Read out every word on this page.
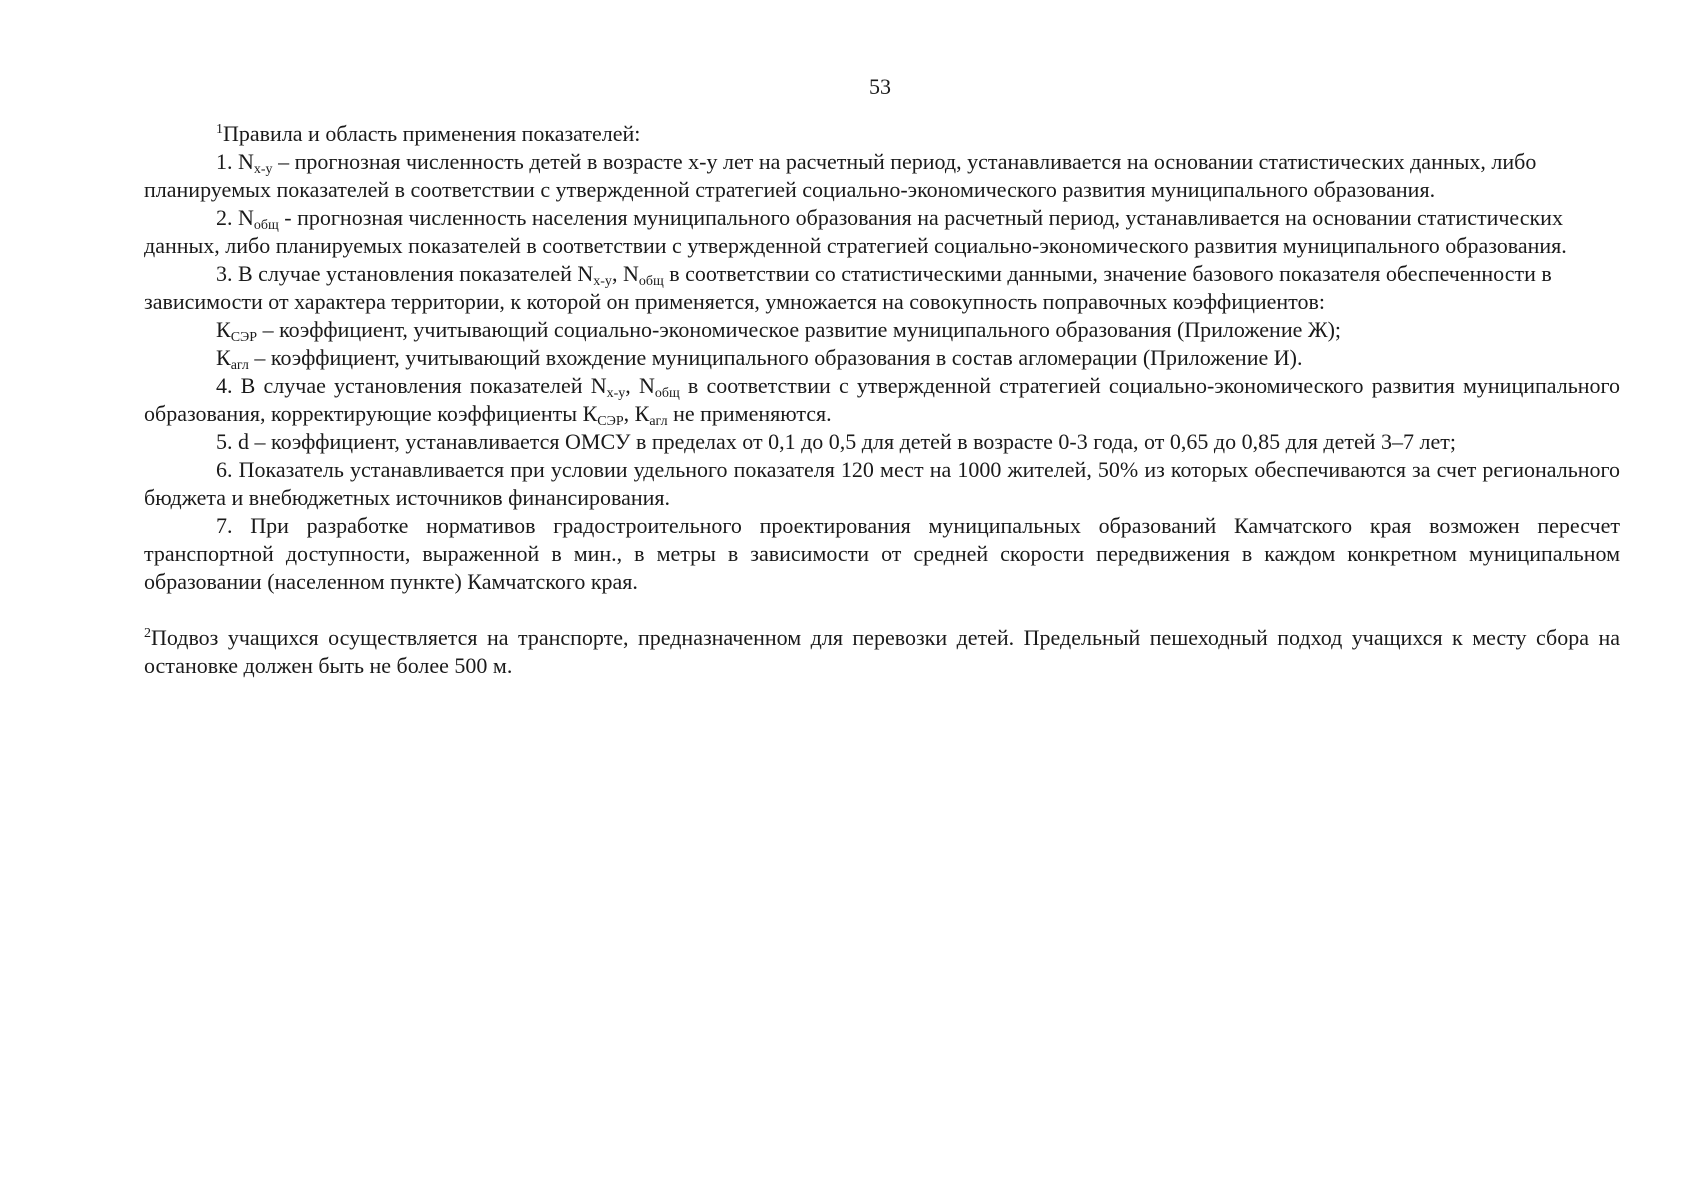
53

$^1$Правила и область применения показателей:

1. $N_{x-y}$ – прогнозная численность детей в возрасте x-y лет на расчетный период, устанавливается на основании статистических данных, либо планируемых показателей в соответствии с утвержденной стратегией социально-экономического развития муниципального образования.

2. $N_{общ}$ - прогнозная численность населения муниципального образования на расчетный период, устанавливается на основании статистических данных, либо планируемых показателей в соответствии с утвержденной стратегией социально-экономического развития муниципального образования.

3. В случае установления показателей $N_{x-y}$, $N_{общ}$ в соответствии со статистическими данными, значение базового показателя обеспеченности в зависимости от характера территории, к которой он применяется, умножается на совокупность поправочных коэффициентов:

$К_{СЭР}$ – коэффициент, учитывающий социально-экономическое развитие муниципального образования (Приложение Ж);

$К_{агл}$ – коэффициент, учитывающий вхождение муниципального образования в состав агломерации (Приложение И).

4. В случае установления показателей $N_{x-y}$, $N_{общ}$ в соответствии с утвержденной стратегией социально-экономического развития муниципального образования, корректирующие коэффициенты $К_{СЭР}$, $К_{агл}$ не применяются.

5. d – коэффициент, устанавливается ОМСУ в пределах от 0,1 до 0,5 для детей в возрасте 0-3 года, от 0,65 до 0,85 для детей 3–7 лет;

6. Показатель устанавливается при условии удельного показателя 120 мест на 1000 жителей, 50% из которых обеспечиваются за счет регионального бюджета и внебюджетных источников финансирования.

7. При разработке нормативов градостроительного проектирования муниципальных образований Камчатского края возможен пересчет транспортной доступности, выраженной в мин., в метры в зависимости от средней скорости передвижения в каждом конкретном муниципальном образовании (населенном пункте) Камчатского края.

$^2$Подвоз учащихся осуществляется на транспорте, предназначенном для перевозки детей. Предельный пешеходный подход учащихся к месту сбора на остановке должен быть не более 500 м.
